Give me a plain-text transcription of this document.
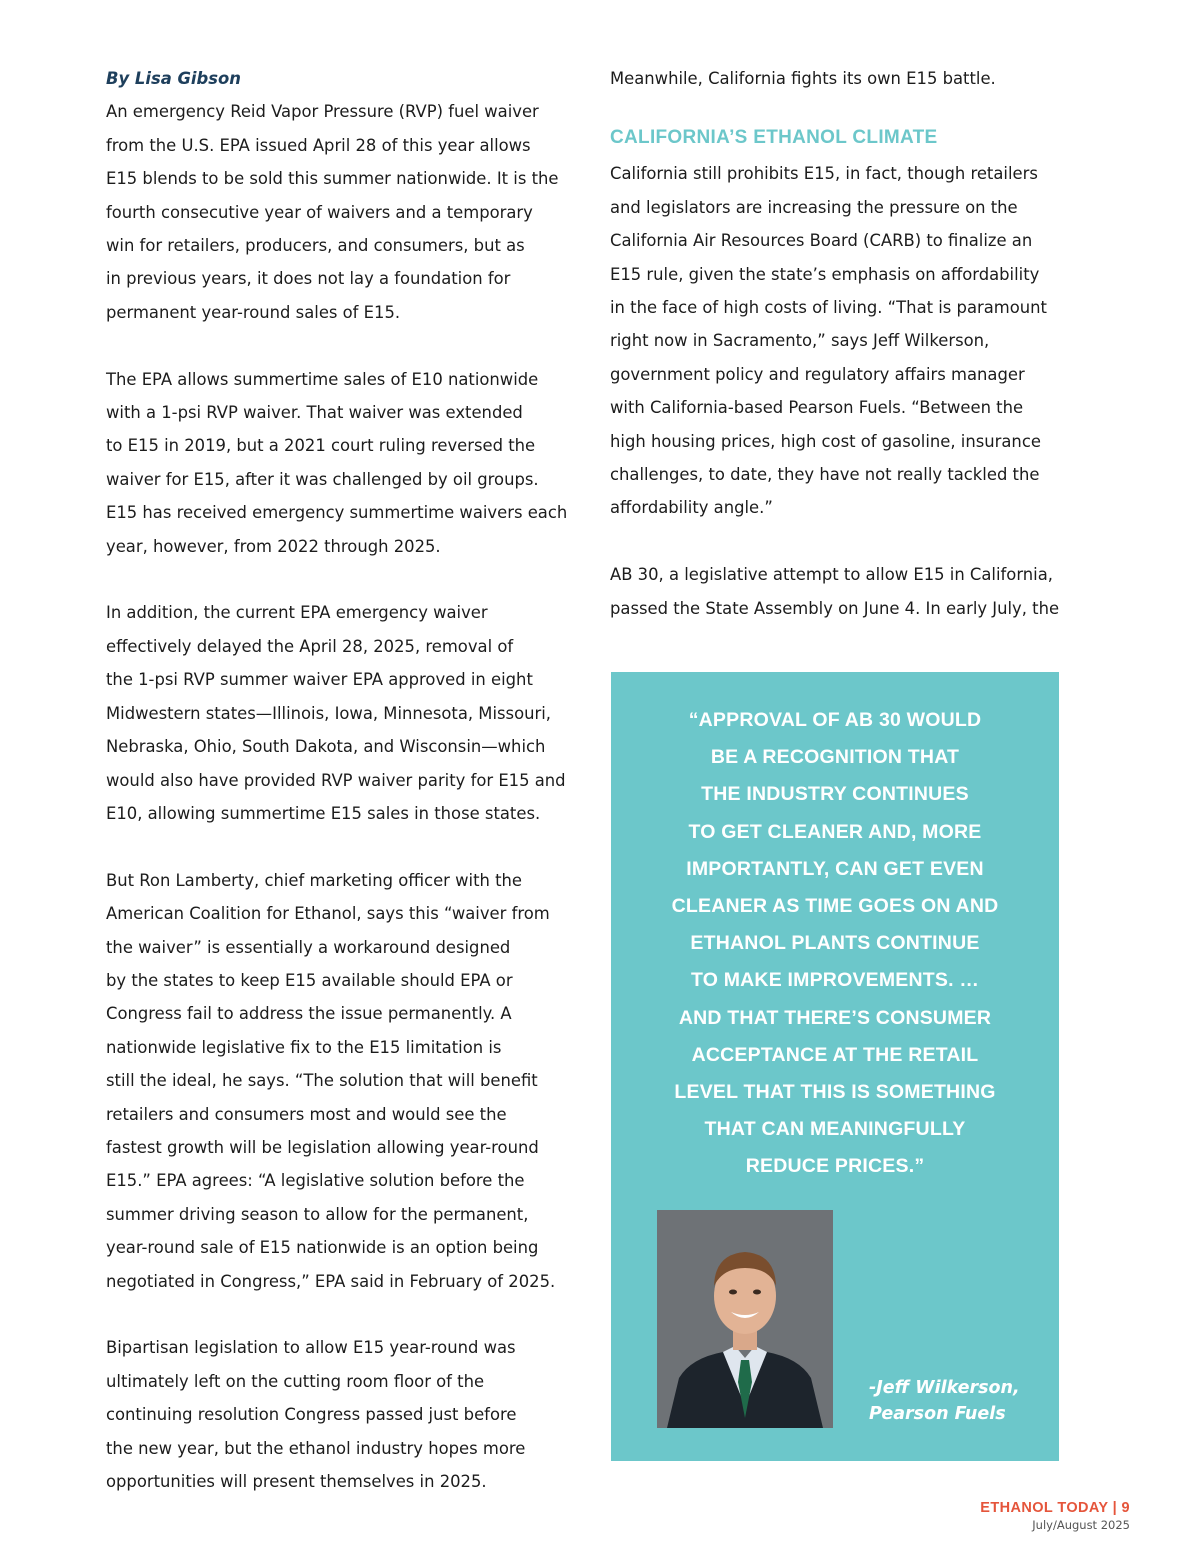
By Lisa Gibson

An emergency Reid Vapor Pressure (RVP) fuel waiver
from the U.S. EPA issued April 28 of this year allows
E15 blends to be sold this summer nationwide. It is the
fourth consecutive year of waivers and a temporary
win for retailers, producers, and consumers, but as
in previous years, it does not lay a foundation for
permanent year-round sales of E15.

The EPA allows summertime sales of E10 nationwide
with a 1-psi RVP waiver. That waiver was extended
to E15 in 2019, but a 2021 court ruling reversed the
waiver for E15, after it was challenged by oil groups.
E15 has received emergency summertime waivers each
year, however, from 2022 through 2025.

In addition, the current EPA emergency waiver
effectively delayed the April 28, 2025, removal of
the 1-psi RVP summer waiver EPA approved in eight
Midwestern states—Illinois, Iowa, Minnesota, Missouri,
Nebraska, Ohio, South Dakota, and Wisconsin—which
would also have provided RVP waiver parity for E15 and
E10, allowing summertime E15 sales in those states.

But Ron Lamberty, chief marketing officer with the
American Coalition for Ethanol, says this “waiver from
the waiver” is essentially a workaround designed
by the states to keep E15 available should EPA or
Congress fail to address the issue permanently. A
nationwide legislative fix to the E15 limitation is
still the ideal, he says. “The solution that will benefit
retailers and consumers most and would see the
fastest growth will be legislation allowing year-round
E15.” EPA agrees: “A legislative solution before the
summer driving season to allow for the permanent,
year-round sale of E15 nationwide is an option being
negotiated in Congress,” EPA said in February of 2025.

Bipartisan legislation to allow E15 year-round was
ultimately left on the cutting room floor of the
continuing resolution Congress passed just before
the new year, but the ethanol industry hopes more
opportunities will present themselves in 2025.

Meanwhile, California fights its own E15 battle.

CALIFORNIA’S ETHANOL CLIMATE

California still prohibits E15, in fact, though retailers
and legislators are increasing the pressure on the
California Air Resources Board (CARB) to finalize an
E15 rule, given the state’s emphasis on affordability
in the face of high costs of living. “That is paramount
right now in Sacramento,” says Jeff Wilkerson,
government policy and regulatory affairs manager
with California-based Pearson Fuels. “Between the
high housing prices, high cost of gasoline, insurance
challenges, to date, they have not really tackled the
affordability angle.”

AB 30, a legislative attempt to allow E15 in California,
passed the State Assembly on June 4. In early July, the

“APPROVAL OF AB 30 WOULD
BE A RECOGNITION THAT
THE INDUSTRY CONTINUES
TO GET CLEANER AND, MORE
IMPORTANTLY, CAN GET EVEN
CLEANER AS TIME GOES ON AND
ETHANOL PLANTS CONTINUE
TO MAKE IMPROVEMENTS. …
AND THAT THERE’S CONSUMER
ACCEPTANCE AT THE RETAIL
LEVEL THAT THIS IS SOMETHING
THAT CAN MEANINGFULLY
REDUCE PRICES.”

-Jeff Wilkerson,
Pearson Fuels

ETHANOL TODAY | 9
July/August 2025
